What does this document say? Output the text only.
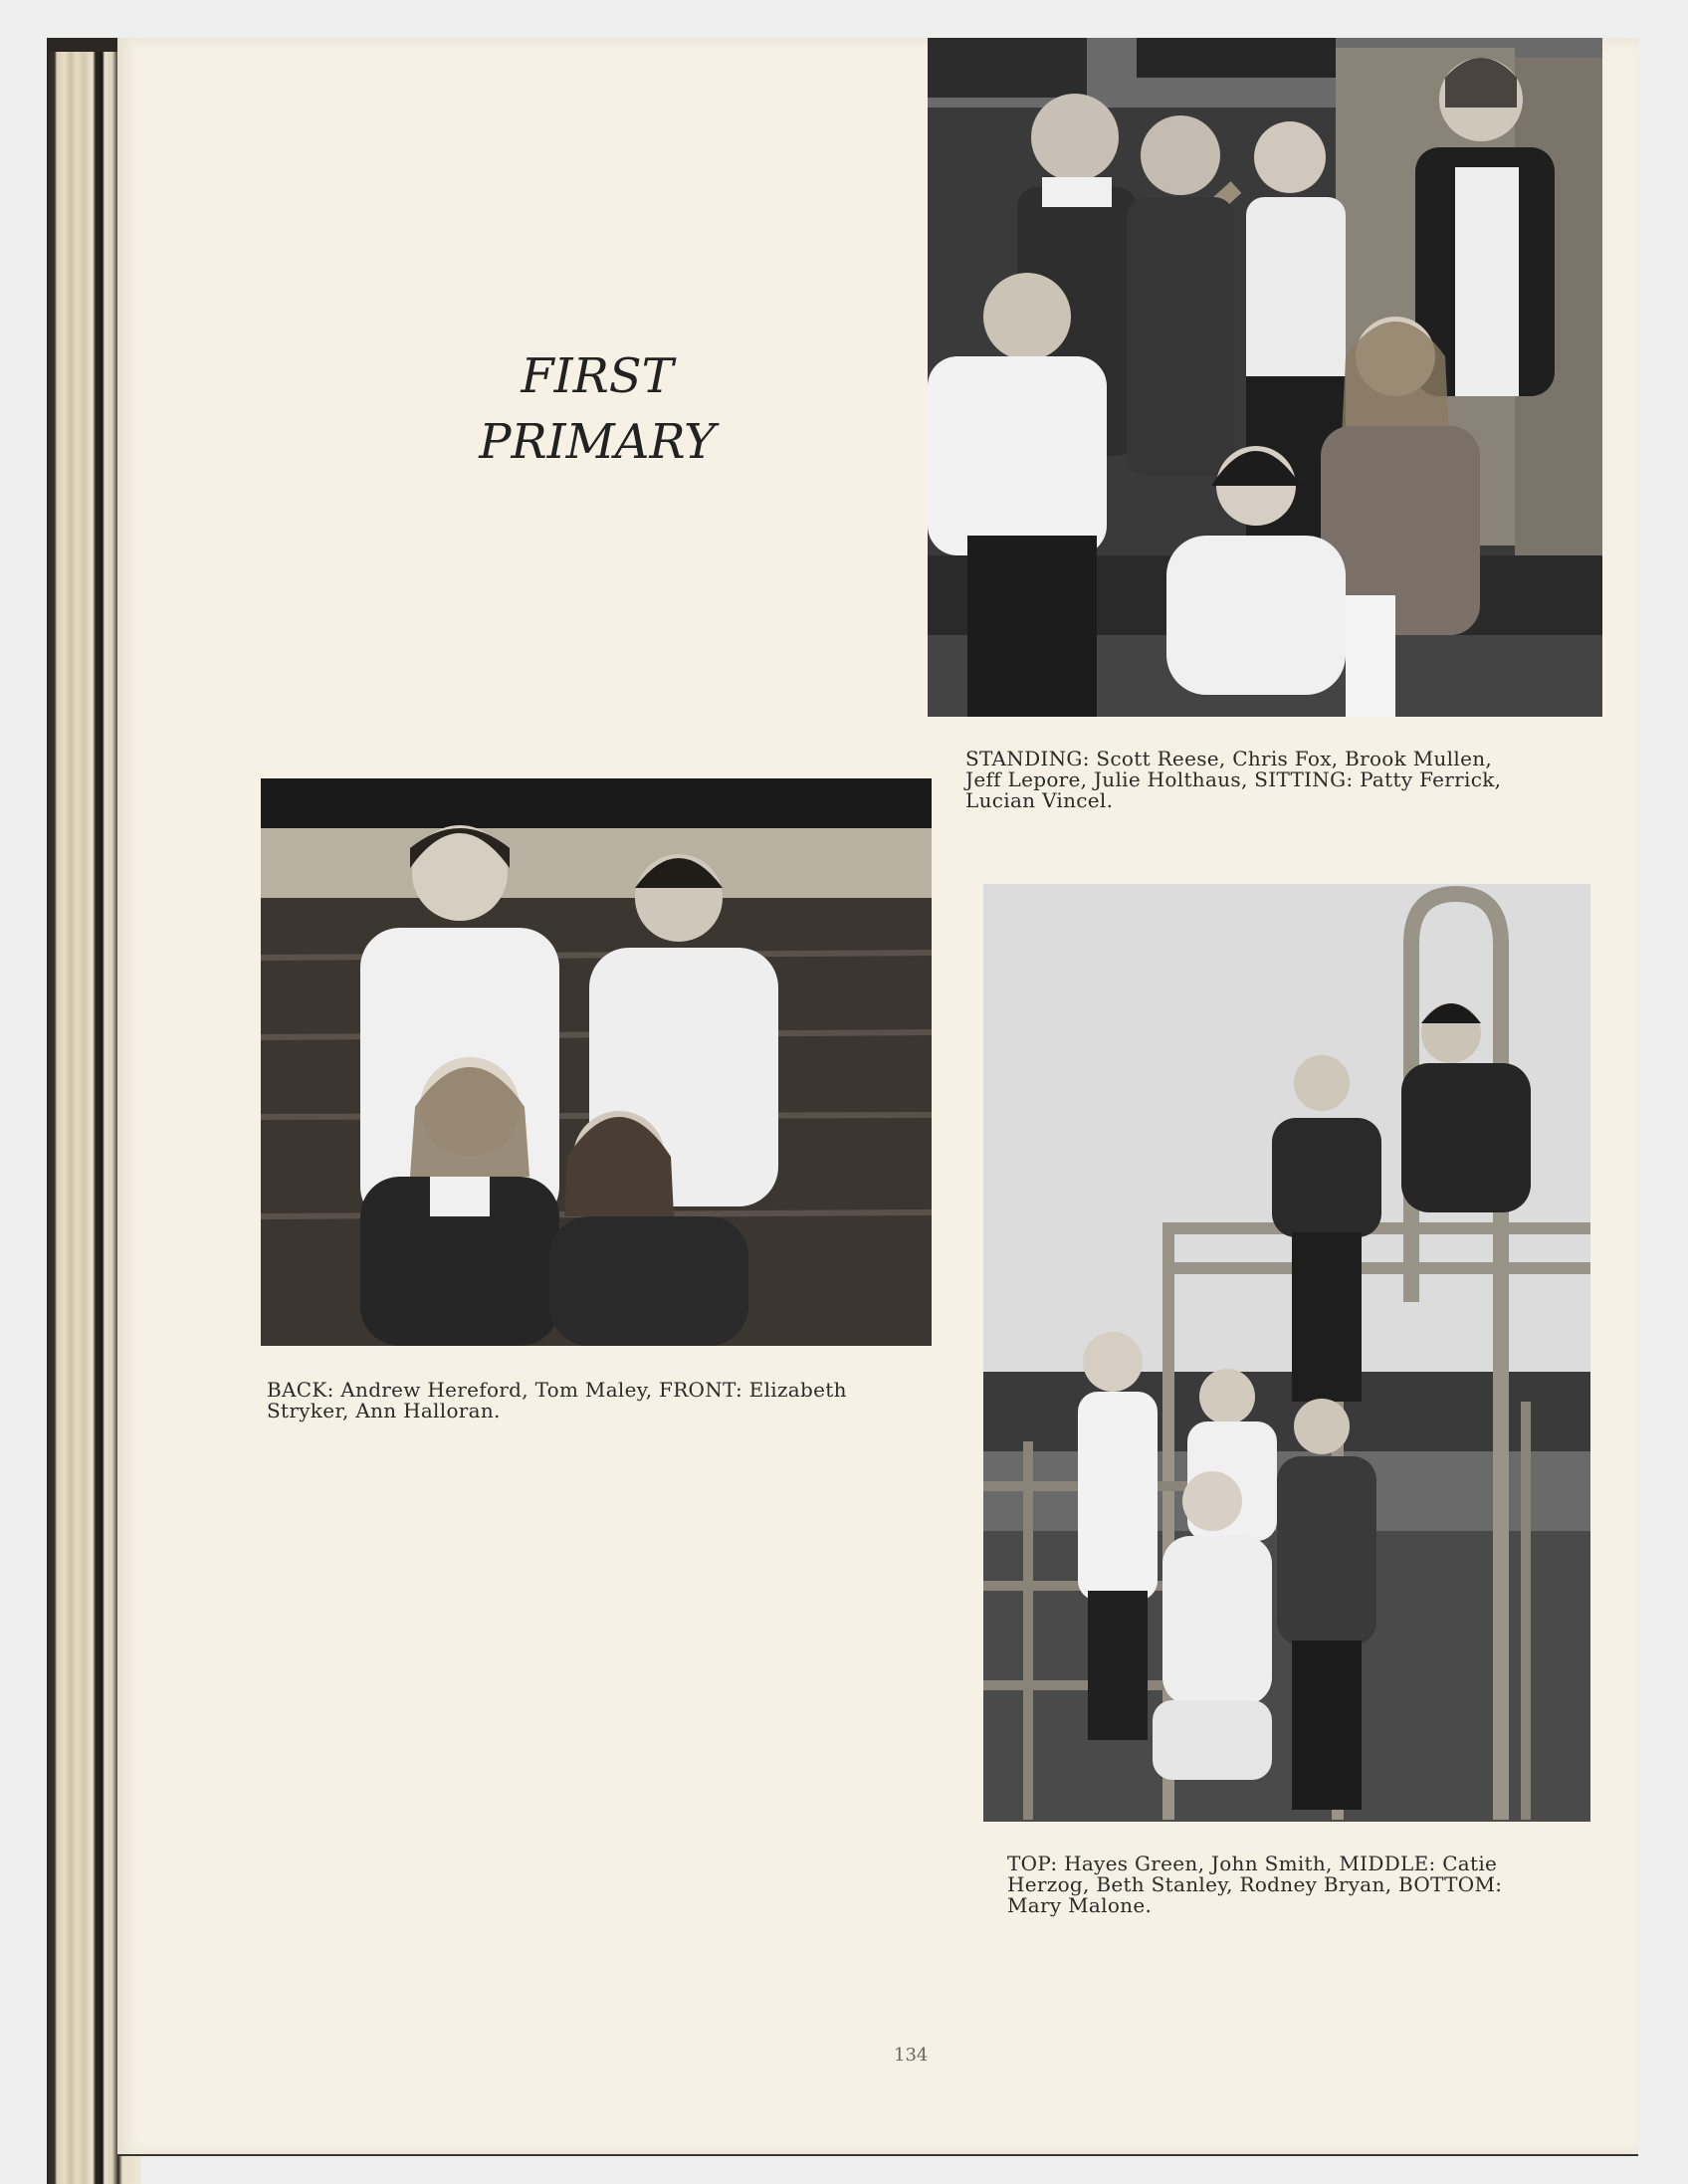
FIRST
PRIMARY
STANDING: Scott Reese, Chris Fox, Brook Mullen,
Jeff Lepore, Julie Holthaus, SITTING: Patty Ferrick,
Lucian Vincel.
BACK: Andrew Hereford, Tom Maley, FRONT: Elizabeth
Stryker, Ann Halloran.
TOP: Hayes Green, John Smith, MIDDLE: Catie
Herzog, Beth Stanley, Rodney Bryan, BOTTOM:
Mary Malone.
134
